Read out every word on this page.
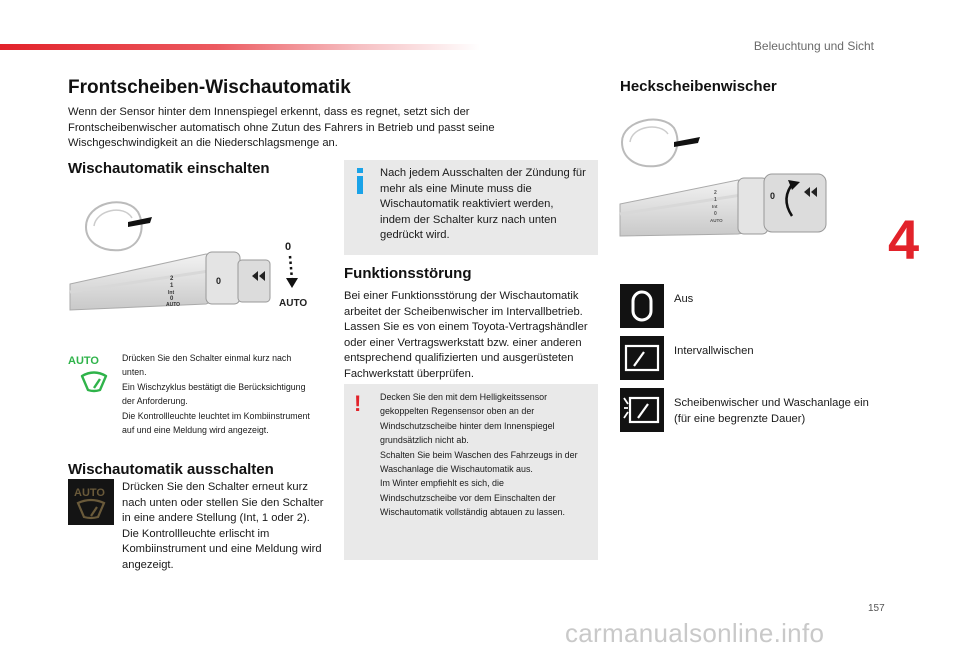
Beleuchtung und Sicht
4
157
carmanualsonline.info
Frontscheiben-Wischautomatik

Wenn der Sensor hinter dem Innenspiegel erkennt, dass es regnet, setzt sich der Frontscheibenwischer automatisch ohne Zutun des Fahrers in Betrieb und passt seine Wischgeschwindigkeit an die Niederschlagsmenge an.

Wischautomatik einschalten
2
1
Int
0
AUTO
0
0
AUTO
AUTO Drücken Sie den Schalter einmal kurz nach unten.
Ein Wischzyklus bestätigt die Berücksichtigung der Anforderung.
Die Kontrollleuchte leuchtet im Kombiinstrument auf und eine Meldung wird angezeigt.
Wischautomatik ausschalten
AUTO Drücken Sie den Schalter erneut kurz nach unten oder stellen Sie den Schalter in eine andere Stellung (Int, 1 oder 2).
Die Kontrollleuchte erlischt im Kombiinstrument und eine Meldung wird angezeigt.
Nach jedem Ausschalten der Zündung für mehr als eine Minute muss die Wischautomatik reaktiviert werden, indem der Schalter kurz nach unten gedrückt wird.
Funktionsstörung

Bei einer Funktionsstörung der Wischautomatik arbeitet der Scheibenwischer im Intervallbetrieb. Lassen Sie es von einem Toyota-Vertragshändler oder einer Vertragswerkstatt bzw. einer anderen entsprechend qualifizierten und ausgerüsteten Fachwerkstatt überprüfen.

! Decken Sie den mit dem Helligkeitssensor gekoppelten Regensensor oben an der Windschutzscheibe hinter dem Innenspiegel grundsätzlich nicht ab.
Schalten Sie beim Waschen des Fahrzeugs in der Waschanlage die Wischautomatik aus.
Im Winter empfiehlt es sich, die Windschutzscheibe vor dem Einschalten der Wischautomatik vollständig abtauen zu lassen.
Heckscheibenwischer
2
1
Int
0
AUTO
0
Aus
Intervallwischen
Scheibenwischer und Waschanlage ein (für eine begrenzte Dauer)
